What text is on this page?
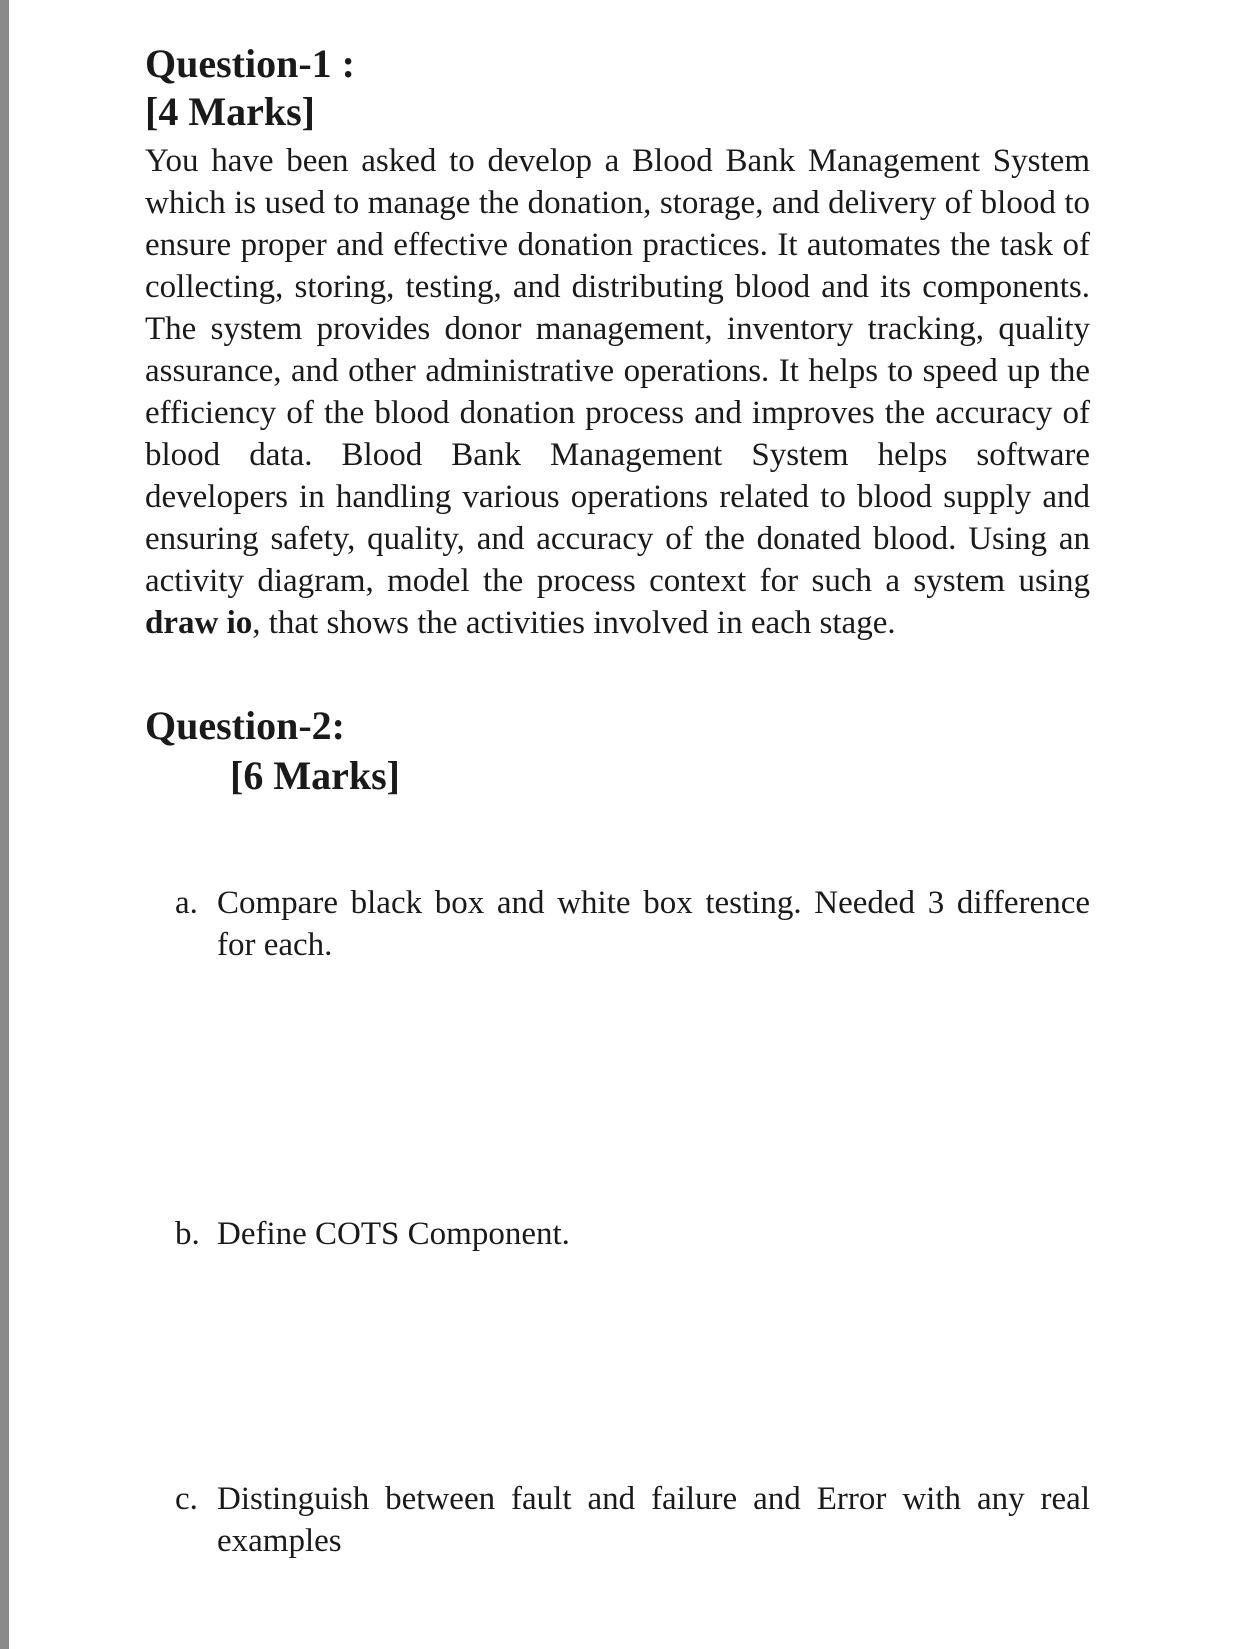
Question-1 :
[4 Marks]

You have been asked to develop a Blood Bank Management System which is used to manage the donation, storage, and delivery of blood to ensure proper and effective donation practices. It automates the task of collecting, storing, testing, and distributing blood and its components. The system provides donor management, inventory tracking, quality assurance, and other administrative operations. It helps to speed up the efficiency of the blood donation process and improves the accuracy of blood data. Blood Bank Management System helps software developers in handling various operations related to blood supply and ensuring safety, quality, and accuracy of the donated blood. Using an activity diagram, model the process context for such a system using draw io, that shows the activities involved in each stage.

Question-2:
[6 Marks]
a. Compare black box and white box testing. Needed 3 difference for each.
b. Define COTS Component.
c. Distinguish between fault and failure and Error with any real examples
